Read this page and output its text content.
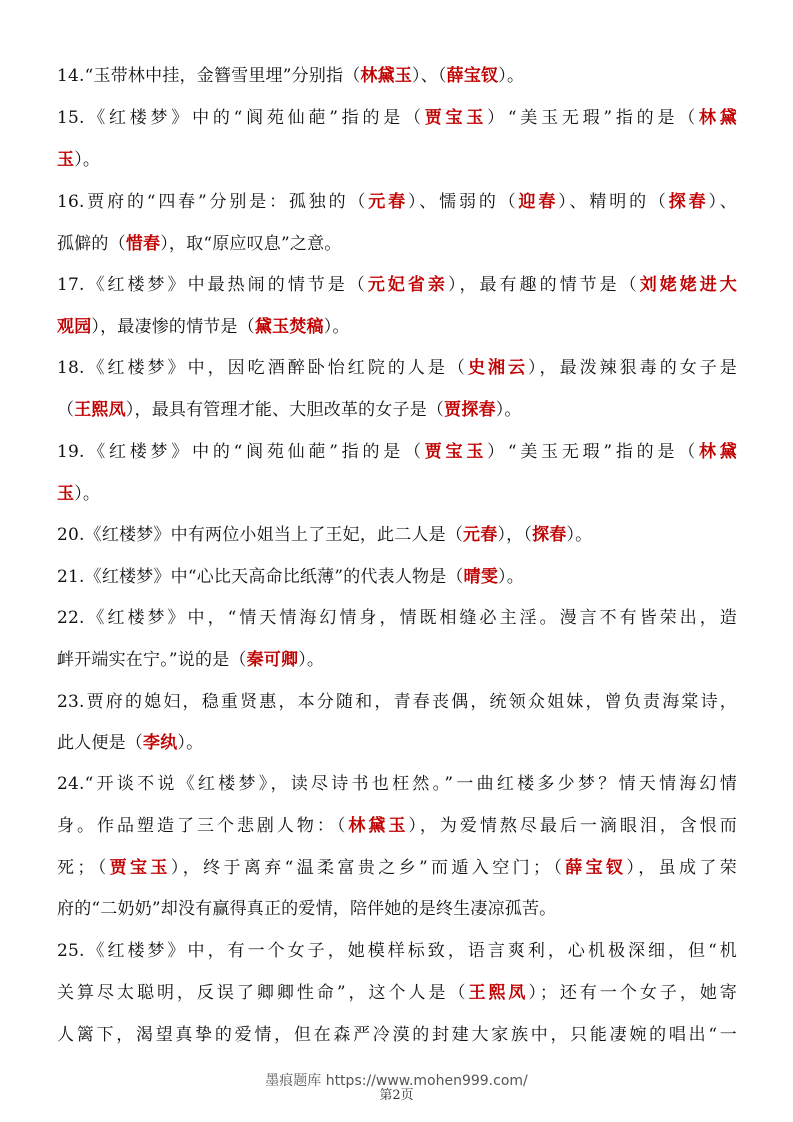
14.“玉带林中挂，金簪雪里埋”分别指（林黛玉）、（薛宝钗）。
15.《红楼梦》中的“阆苑仙葩”指的是（贾宝玉）“美玉无瑕”指的是（林黛
玉）。
16.贾府的“四春”分别是：孤独的（元春）、懦弱的（迎春）、精明的（探春）、
孤僻的（惜春），取“原应叹息”之意。
17.《红楼梦》中最热闹的情节是（元妃省亲），最有趣的情节是（刘姥姥进大
观园），最凄惨的情节是（黛玉焚稿）。
18.《红楼梦》中，因吃酒醉卧怡红院的人是（史湘云），最泼辣狠毒的女子是
（王熙凤），最具有管理才能、大胆改革的女子是（贾探春）。
19.《红楼梦》中的“阆苑仙葩”指的是（贾宝玉）“美玉无瑕”指的是（林黛
玉）。
20.《红楼梦》中有两位小姐当上了王妃，此二人是（元春），（探春）。
21.《红楼梦》中“心比天高命比纸薄”的代表人物是（晴雯）。
22.《红楼梦》中，“情天情海幻情身，情既相缝必主淫。漫言不有皆荣出，造
衅开端实在宁。”说的是（秦可卿）。
23.贾府的媳妇，稳重贤惠，本分随和，青春丧偶，统领众姐妹，曾负责海棠诗，
此人便是（李纨）。
24.“开谈不说《红楼梦》，读尽诗书也枉然。”一曲红楼多少梦？情天情海幻情
身。作品塑造了三个悲剧人物：（林黛玉），为爱情熬尽最后一滴眼泪，含恨而
死；（贾宝玉），终于离弃“温柔富贵之乡”而遁入空门；（薛宝钗），虽成了荣
府的“二奶奶”却没有赢得真正的爱情，陪伴她的是终生凄凉孤苦。
25.《红楼梦》中，有一个女子，她模样标致，语言爽利，心机极深细，但“机
关算尽太聪明，反误了卿卿性命”，这个人是（王熙凤）；还有一个女子，她寄
人篱下，渴望真挚的爱情，但在森严冷漠的封建大家族中，只能凄婉的唱出“一
墨痕题库 https://www.mohen999.com/
第2页
